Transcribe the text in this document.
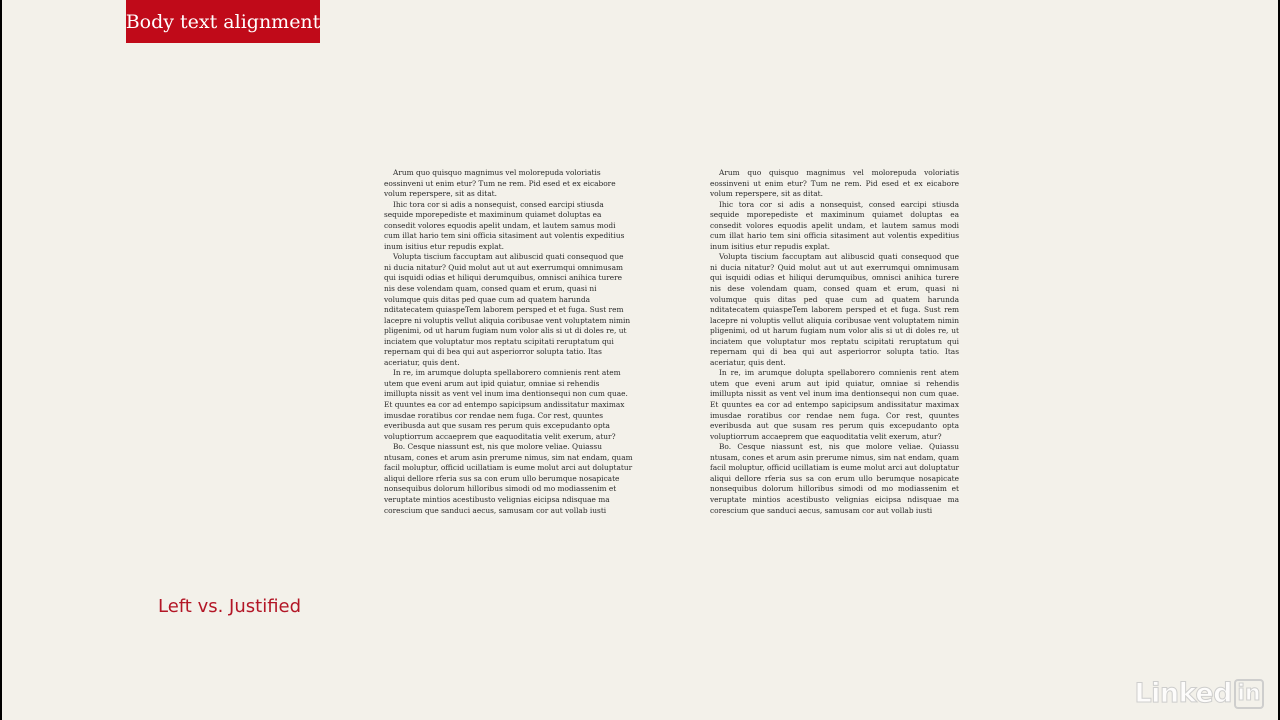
Body text alignment

Arum quo quisquo magnimus vel molorepuda voloriatis eossinveni ut enim etur? Tum ne rem. Pid esed et ex eicabore volum reperspere, sit as ditat.

Ihic tora cor si adis a nonsequist, consed earcipi stiusda sequide mporepediste et maximinum quiamet doluptas ea consedit volores equodis apelit undam, et lautem samus modi cum illat hario tem sini officia sitasiment aut volentis expeditius inum isitius etur repudis explat.

Volupta tiscium faccuptam aut alibuscid quati consequod que ni ducia nitatur? Quid molut aut ut aut exerrumqui omnimusam qui isquidi odias et hiliqui derumquibus, omnisci anihica turere nis dese volendam quam, consed quam et erum, quasi ni volumque quis ditas ped quae cum ad quatem harunda nditatecatem quiaspeTem laborem persped et et fuga. Sust rem lacepre ni voluptis vellut aliquia coribusae vent voluptatem nimin pligenimi, od ut harum fugiam num volor alis si ut di doles re, ut inciatem que voluptatur mos reptatu scipitati reruptatum qui repernam qui di bea qui aut asperiorror solupta tatio. Itas aceriatur, quis dent.

In re, im arumque dolupta spellaborero comnienis rent atem utem que eveni arum aut ipid quiatur, omniae si rehendis imillupta nissit as vent vel inum ima dentionsequi non cum quae. Et quuntes ea cor ad entempo sapicipsum andissitatur maximax imusdae roratibus cor rendae nem fuga. Cor rest, quuntes everibusda aut que susam res perum quis excepudanto opta voluptiorrum accaeprem que eaquoditatia velit exerum, atur?

Bo. Cesque niassunt est, nis que molore veliae. Quiassu ntusam, cones et arum asin prerume nimus, sim nat endam, quam facil moluptur, officid ucillatiam is eume molut arci aut doluptatur aliqui dellore rferia sus sa con erum ullo berumque nosapicate nonsequibus dolorum hilloribus simodi od mo modiassenim et veruptate mintios acestibusto velignias eicipsa ndisquae ma corescium que sanduci aecus, samusam cor aut vollab iusti

Arum quo quisquo magnimus vel molorepuda voloriatis eossinveni ut enim etur? Tum ne rem. Pid esed et ex eicabore volum reperspere, sit as ditat.

Ihic tora cor si adis a nonsequist, consed earcipi stiusda sequide mporepediste et maximinum quiamet doluptas ea consedit volores equodis apelit undam, et lautem samus modi cum illat hario tem sini officia sitasiment aut volentis expeditius inum isitius etur repudis explat.

Volupta tiscium faccuptam aut alibuscid quati consequod que ni ducia nitatur? Quid molut aut ut aut exerrumqui omnimusam qui isquidi odias et hiliqui derumquibus, omnisci anihica turere nis dese volendam quam, consed quam et erum, quasi ni volumque quis ditas ped quae cum ad quatem harunda nditatecatem quiaspeTem laborem persped et et fuga. Sust rem lacepre ni voluptis vellut aliquia coribusae vent voluptatem nimin pligenimi, od ut harum fugiam num volor alis si ut di doles re, ut inciatem que voluptatur mos reptatu scipitati reruptatum qui repernam qui di bea qui aut asperiorror solupta tatio. Itas aceriatur, quis dent.

In re, im arumque dolupta spellaborero comnienis rent atem utem que eveni arum aut ipid quiatur, omniae si rehendis imillupta nissit as vent vel inum ima dentionsequi non cum quae. Et quuntes ea cor ad entempo sapicipsum andissitatur maximax imusdae roratibus cor rendae nem fuga. Cor rest, quuntes everibusda aut que susam res perum quis excepudanto opta voluptiorrum accaeprem que eaquoditatia velit exerum, atur?

Bo. Cesque niassunt est, nis que molore veliae. Quiassu ntusam, cones et arum asin prerume nimus, sim nat endam, quam facil moluptur, officid ucillatiam is eume molut arci aut doluptatur aliqui dellore rferia sus sa con erum ullo berumque nosapicate nonsequibus dolorum hilloribus simodi od mo modiassenim et veruptate mintios acestibusto velignias eicipsa ndisquae ma corescium que sanduci aecus, samusam cor aut vollab iusti

Left vs. Justified
Linked in
